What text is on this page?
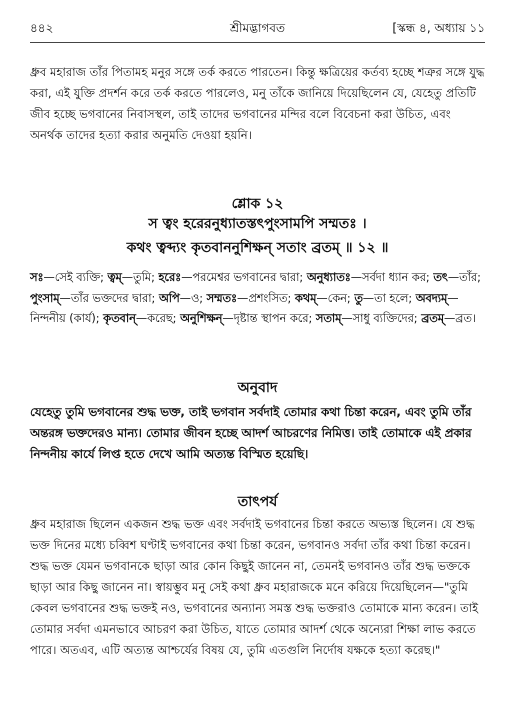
৪৪২	শ্রীমদ্ভাগবত	[স্কন্ধ ৪, অধ্যায় ১১

ধ্রুব মহারাজ তাঁর পিতামহ মনুর সঙ্গে তর্ক করতে পারতেন। কিন্তু ক্ষত্রিয়ের কর্তব্য হচ্ছে শত্রুর সঙ্গে যুদ্ধ করা, এই যুক্তি প্রদর্শন করে তর্ক করতে পারলেও, মনু তাঁকে জানিয়ে দিয়েছিলেন যে, যেহেতু প্রতিটি জীব হচ্ছে ভগবানের নিবাসস্থল, তাই তাদের ভগবানের মন্দির বলে বিবেচনা করা উচিত, এবং অনর্থক তাদের হত্যা করার অনুমতি দেওয়া হয়নি।

শ্লোক ১২
স ত্বং হরেরনুধ্যাতস্তৎপুংসামপি সম্মতঃ ।
কথং ত্বব্দ্যং কৃতবাননুশিক্ষন্ সতাং ব্রতম্ ॥ ১২ ॥

সঃ—সেই ব্যক্তি; ত্বম্—তুমি; হরেঃ—পরমেশ্বর ভগবানের দ্বারা; অনুধ্যাতঃ—সর্বদা ধ্যান কর; তৎ—তাঁর; পুংসাম্—তাঁর ভক্তদের দ্বারা; অপি—ও; সম্মতঃ—প্রশংসিত; কথম্—কেন; তু—তা হলে; অবদ্যম্—নিন্দনীয় (কার্য); কৃতবান্—করেছ; অনুশিক্ষন্—দৃষ্টান্ত স্থাপন করে; সতাম্—সাধু ব্যক্তিদের; ব্রতম্—ব্রত।

অনুবাদ

যেহেতু তুমি ভগবানের শুদ্ধ ভক্ত, তাই ভগবান সর্বদাই তোমার কথা চিন্তা করেন, এবং তুমি তাঁর অন্তরঙ্গ ভক্তদেরও মান্য। তোমার জীবন হচ্ছে আদর্শ আচরণের নিমিত্ত। তাই তোমাকে এই প্রকার নিন্দনীয় কার্যে লিপ্ত হতে দেখে আমি অত্যন্ত বিস্মিত হয়েছি।

তাৎপর্য

ধ্রুব মহারাজ ছিলেন একজন শুদ্ধ ভক্ত এবং সর্বদাই ভগবানের চিন্তা করতে অভ্যস্ত ছিলেন। যে শুদ্ধ ভক্ত দিনের মধ্যে চব্বিশ ঘণ্টাই ভগবানের কথা চিন্তা করেন, ভগবানও সর্বদা তাঁর কথা চিন্তা করেন। শুদ্ধ ভক্ত যেমন ভগবানকে ছাড়া আর কোন কিছুই জানেন না, তেমনই ভগবানও তাঁর শুদ্ধ ভক্তকে ছাড়া আর কিছু জানেন না। স্বায়ম্ভুব মনু সেই কথা ধ্রুব মহারাজকে মনে করিয়ে দিয়েছিলেন—"তুমি কেবল ভগবানের শুদ্ধ ভক্তই নও, ভগবানের অন্যান্য সমস্ত শুদ্ধ ভক্তরাও তোমাকে মান্য করেন। তাই তোমার সর্বদা এমনভাবে আচরণ করা উচিত, যাতে তোমার আদর্শ থেকে অন্যেরা শিক্ষা লাভ করতে পারে। অতএব, এটি অত্যন্ত আশ্চর্যের বিষয় যে, তুমি এতগুলি নির্দোষ যক্ষকে হত্যা করেছ।"
